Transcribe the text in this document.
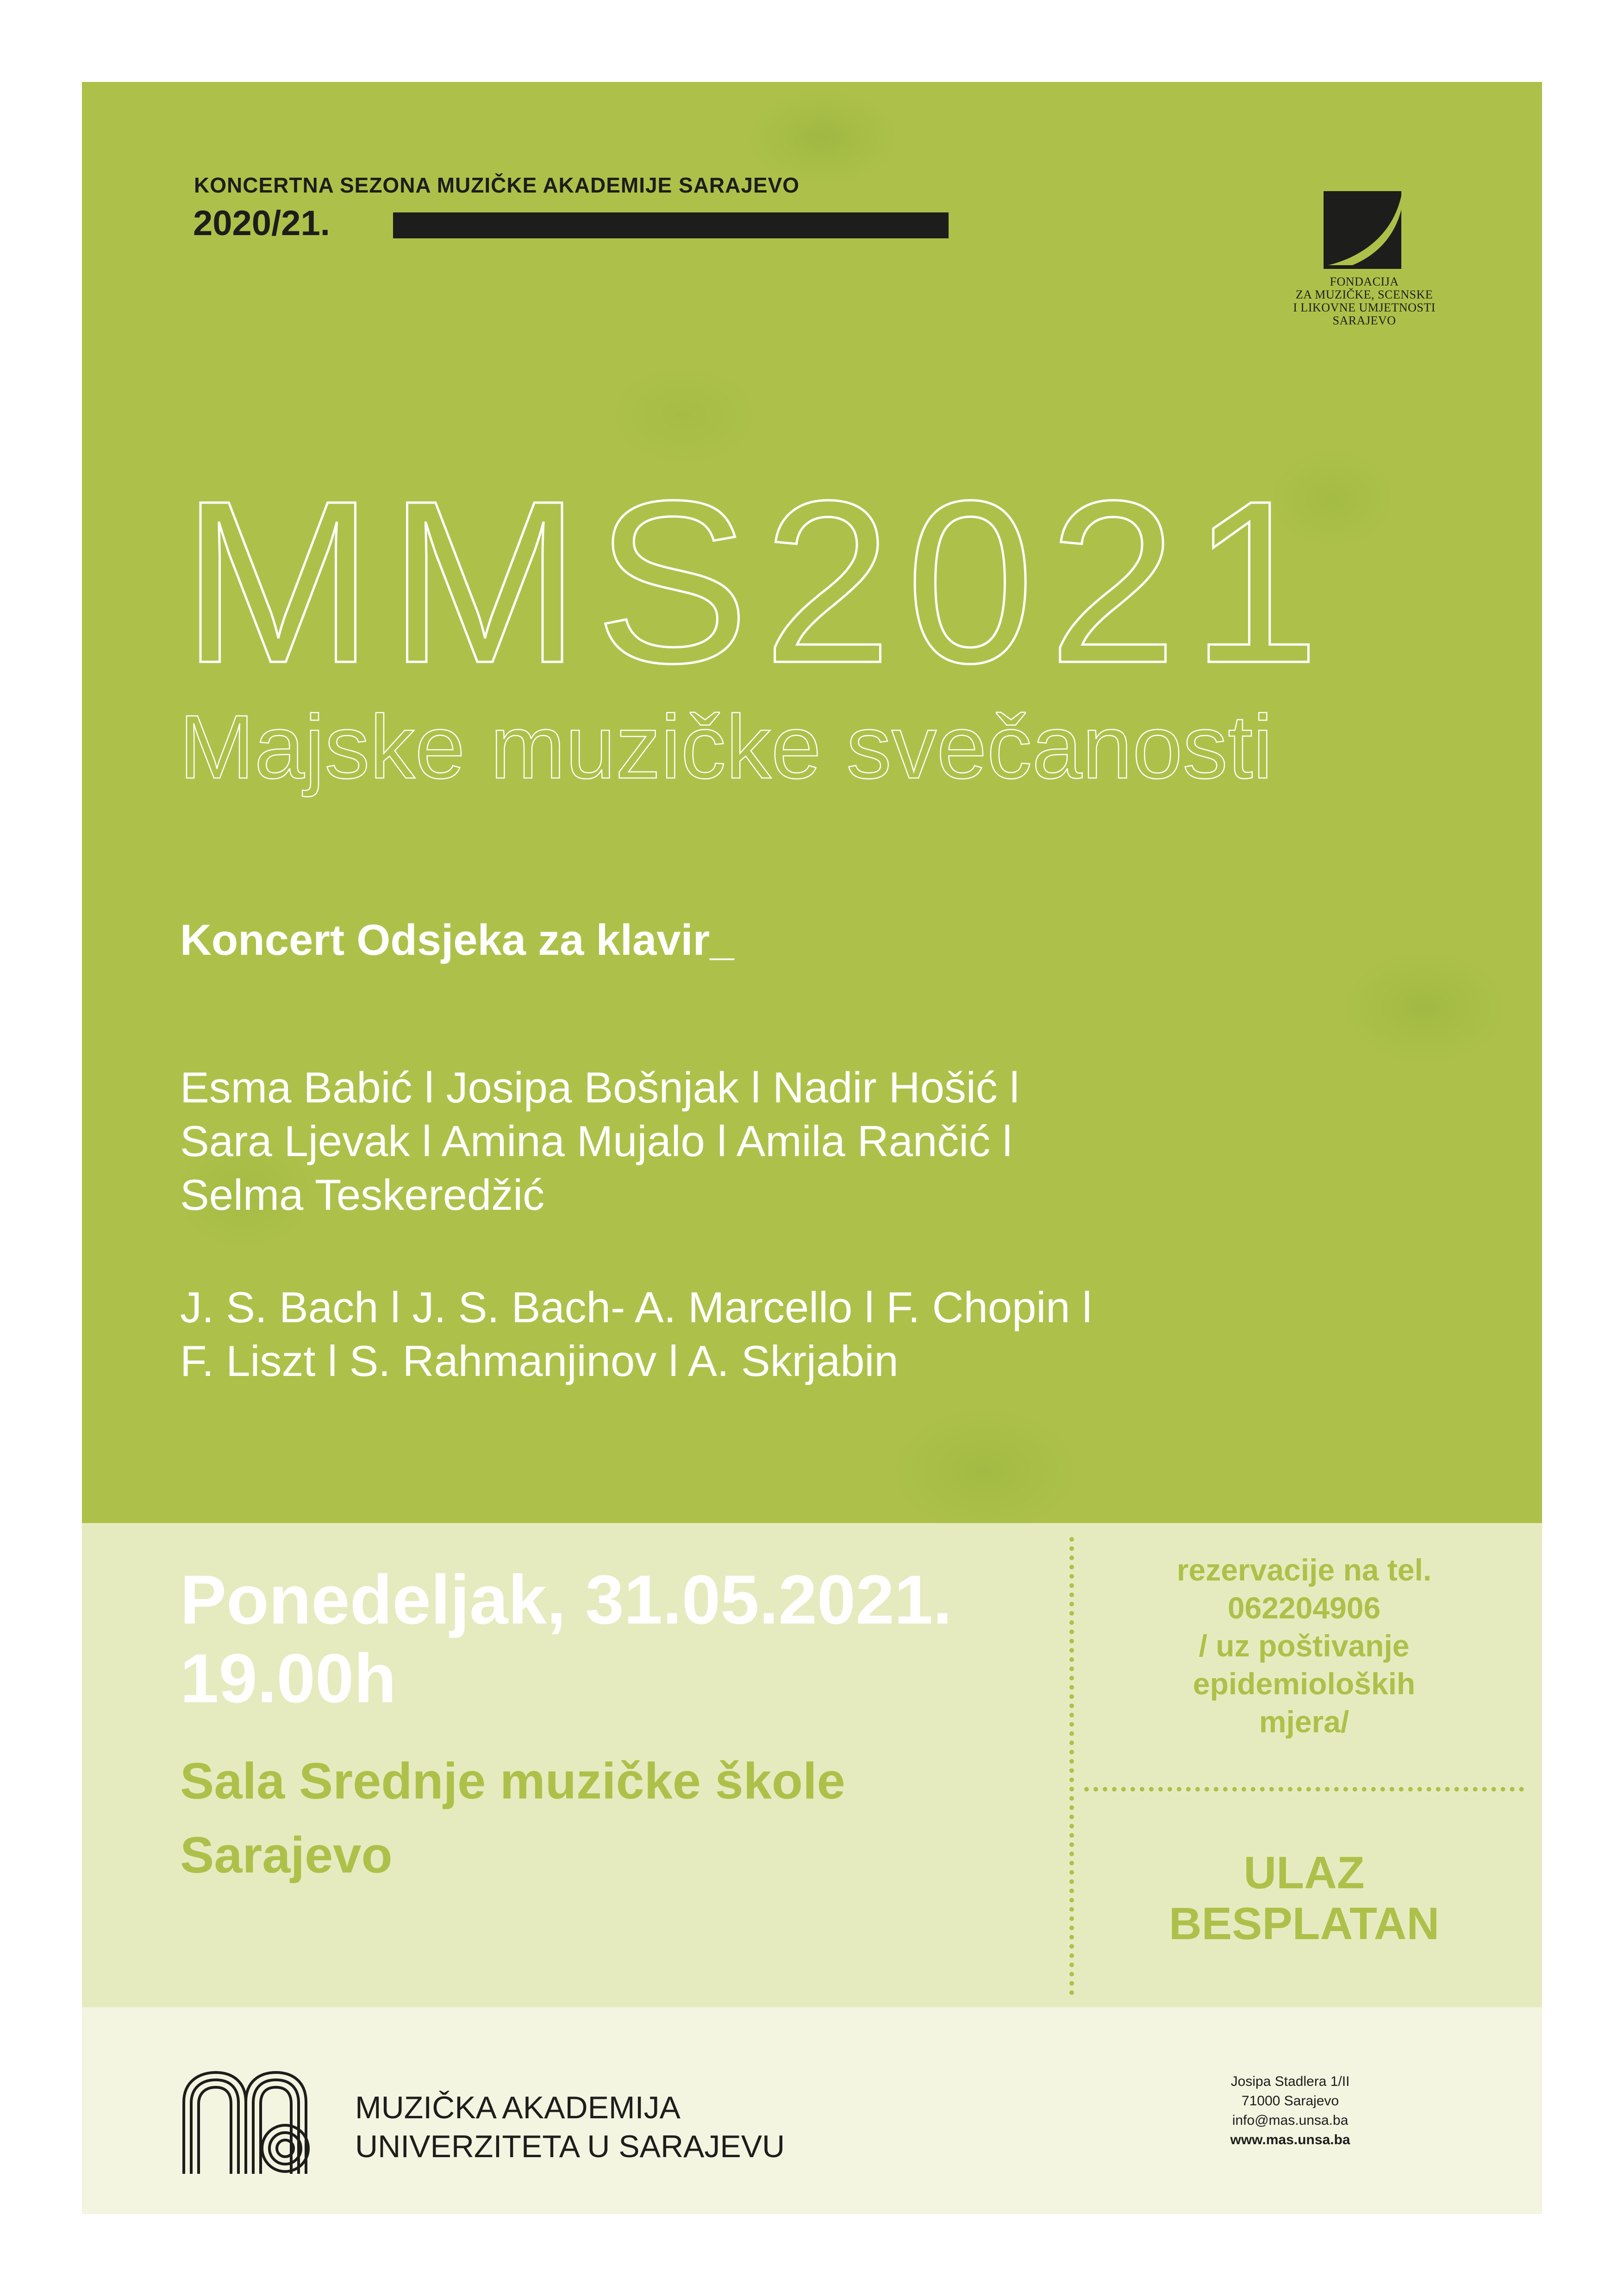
KONCERTNA SEZONA MUZIČKE AKADEMIJE SARAJEVO
2020/21.
FONDACIJA
ZA MUZIČKE, SCENSKE
I LIKOVNE UMJETNOSTI
SARAJEVO
MMS2021
Majske muzičke svečanosti
Koncert Odsjeka za klavir_
Esma Babić l Josipa Bošnjak l Nadir Hošić l
Sara Ljevak l Amina Mujalo l Amila Rančić l
Selma Teskeredžić
J. S. Bach l J. S. Bach- A. Marcello l F. Chopin l
F. Liszt l S. Rahmanjinov l A. Skrjabin
Ponedeljak, 31.05.2021.
19.00h
Sala Srednje muzičke škole
Sarajevo
rezervacije na tel.
062204906
/ uz poštivanje
epidemioloških
mjera/
ULAZ
BESPLATAN
MUZIČKA AKADEMIJA
UNIVERZITETA U SARAJEVU
Josipa Stadlera 1/II
71000 Sarajevo
info@mas.unsa.ba
www.mas.unsa.ba
